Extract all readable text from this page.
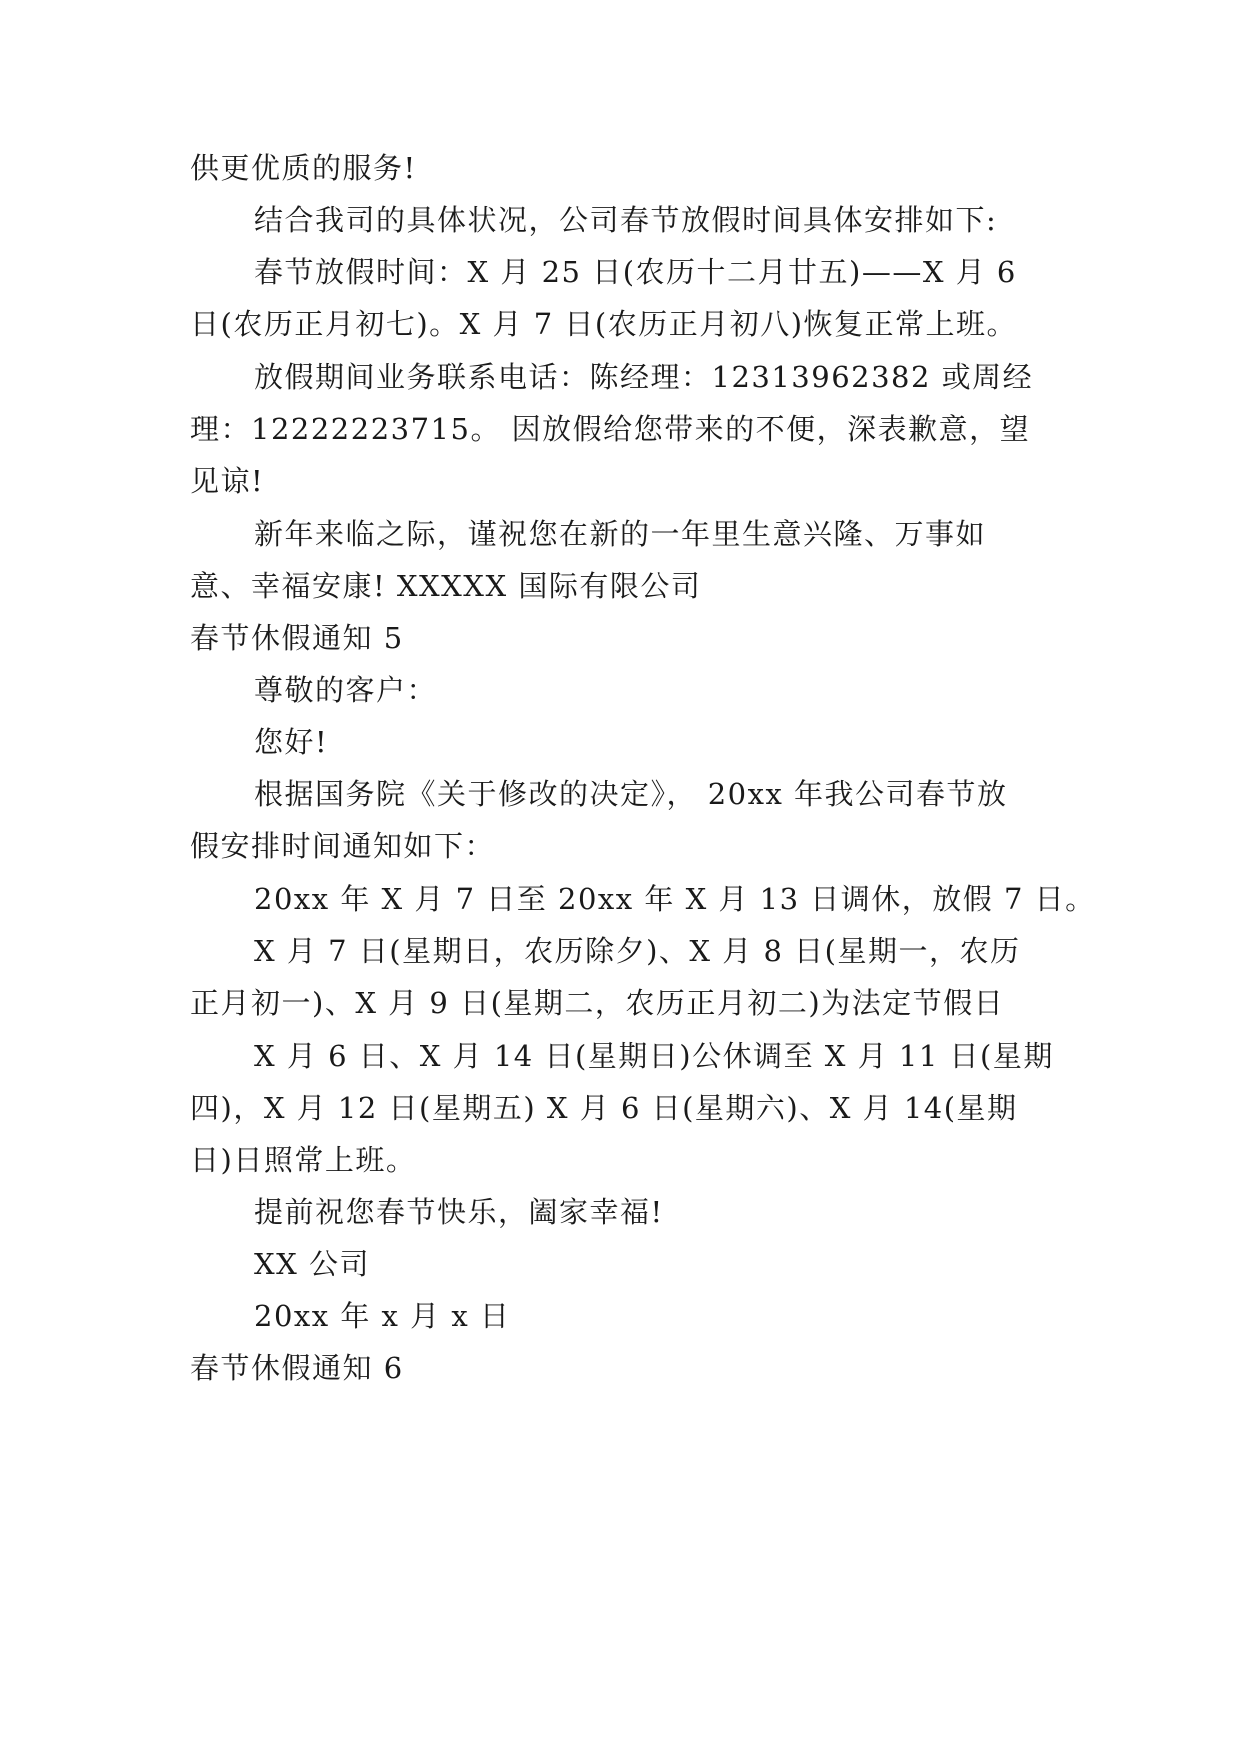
供更优质的服务!
结合我司的具体状况，公司春节放假时间具体安排如下:
春节放假时间：X 月 25 日(农历十二月廿五)——X 月 6
日(农历正月初七)。X 月 7 日(农历正月初八)恢复正常上班。
放假期间业务联系电话：陈经理：12313962382 或周经
理：12222223715。 因放假给您带来的不便，深表歉意，望
见谅!
新年来临之际，谨祝您在新的一年里生意兴隆、万事如
意、幸福安康! XXXXX 国际有限公司
春节休假通知 5
尊敬的客户：
您好!
根据国务院《关于修改的决定》， 20xx 年我公司春节放
假安排时间通知如下：
20xx 年 X 月 7 日至 20xx 年 X 月 13 日调休，放假 7 日。
X 月 7 日(星期日，农历除夕)、X 月 8 日(星期一，农历
正月初一)、X 月 9 日(星期二，农历正月初二)为法定节假日
X 月 6 日、X 月 14 日(星期日)公休调至 X 月 11 日(星期
四)，X 月 12 日(星期五) X 月 6 日(星期六)、X 月 14(星期
日)日照常上班。
提前祝您春节快乐，阖家幸福!
XX 公司
20xx 年 x 月 x 日
春节休假通知 6
